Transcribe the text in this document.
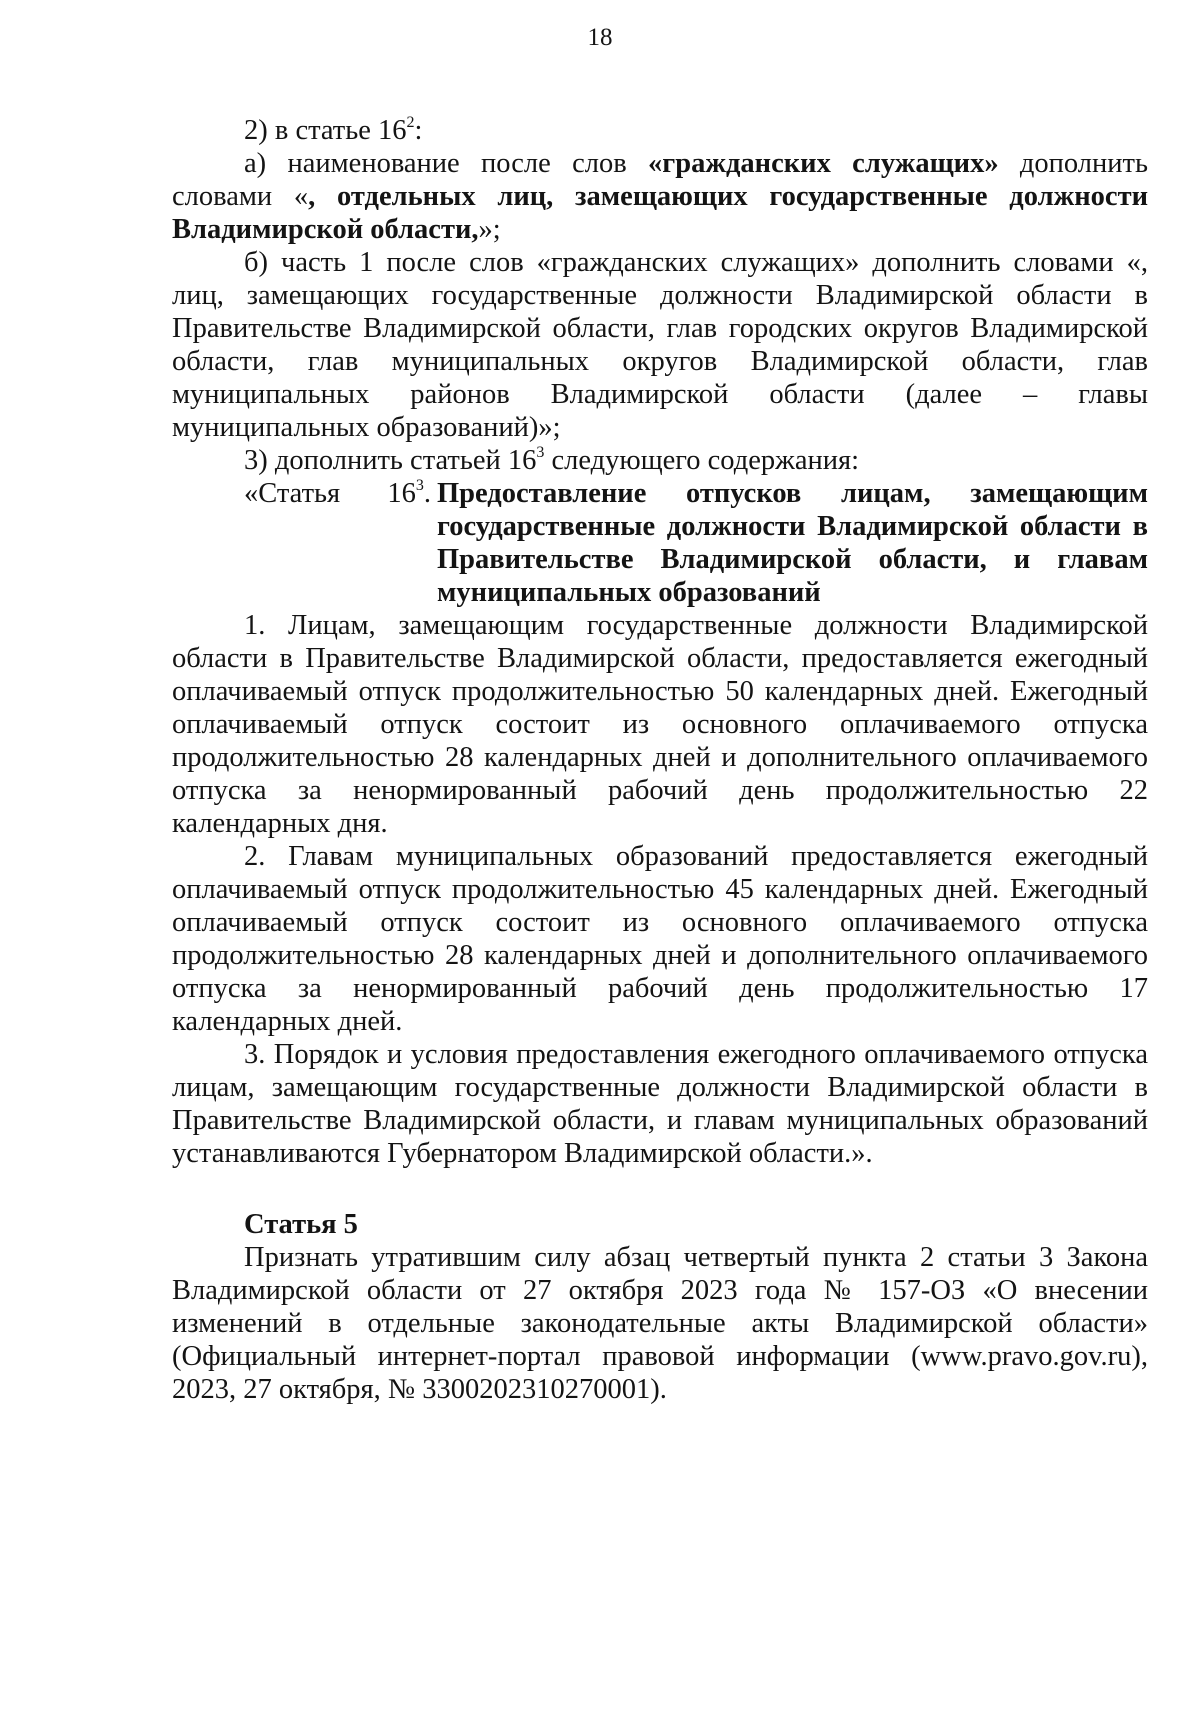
18

2) в статье $16^2$:

а) наименование после слов «гражданских служащих» дополнить словами «, отдельных лиц, замещающих государственные должности Владимирской области,»;

б) часть 1 после слов «гражданских служащих» дополнить словами «, лиц, замещающих государственные должности Владимирской области в Правительстве Владимирской области, глав городских округов Владимирской области, глав муниципальных округов Владимирской области, глав муниципальных районов Владимирской области (далее – главы муниципальных образований)»;

3) дополнить статьей $16^3$ следующего содержания:

«Статья $16^3$. Предоставление отпусков лицам, замещающим государственные должности Владимирской области в Правительстве Владимирской области, и главам муниципальных образований

1. Лицам, замещающим государственные должности Владимирской области в Правительстве Владимирской области, предоставляется ежегодный оплачиваемый отпуск продолжительностью 50 календарных дней. Ежегодный оплачиваемый отпуск состоит из основного оплачиваемого отпуска продолжительностью 28 календарных дней и дополнительного оплачиваемого отпуска за ненормированный рабочий день продолжительностью 22 календарных дня.

2. Главам муниципальных образований предоставляется ежегодный оплачиваемый отпуск продолжительностью 45 календарных дней. Ежегодный оплачиваемый отпуск состоит из основного оплачиваемого отпуска продолжительностью 28 календарных дней и дополнительного оплачиваемого отпуска за ненормированный рабочий день продолжительностью 17 календарных дней.

3. Порядок и условия предоставления ежегодного оплачиваемого отпуска лицам, замещающим государственные должности Владимирской области в Правительстве Владимирской области, и главам муниципальных образований устанавливаются Губернатором Владимирской области.».

Статья 5

Признать утратившим силу абзац четвертый пункта 2 статьи 3 Закона Владимирской области от 27 октября 2023 года № 157-ОЗ «О внесении изменений в отдельные законодательные акты Владимирской области» (Официальный интернет-портал правовой информации (www.pravo.gov.ru), 2023, 27 октября, № 3300202310270001).
